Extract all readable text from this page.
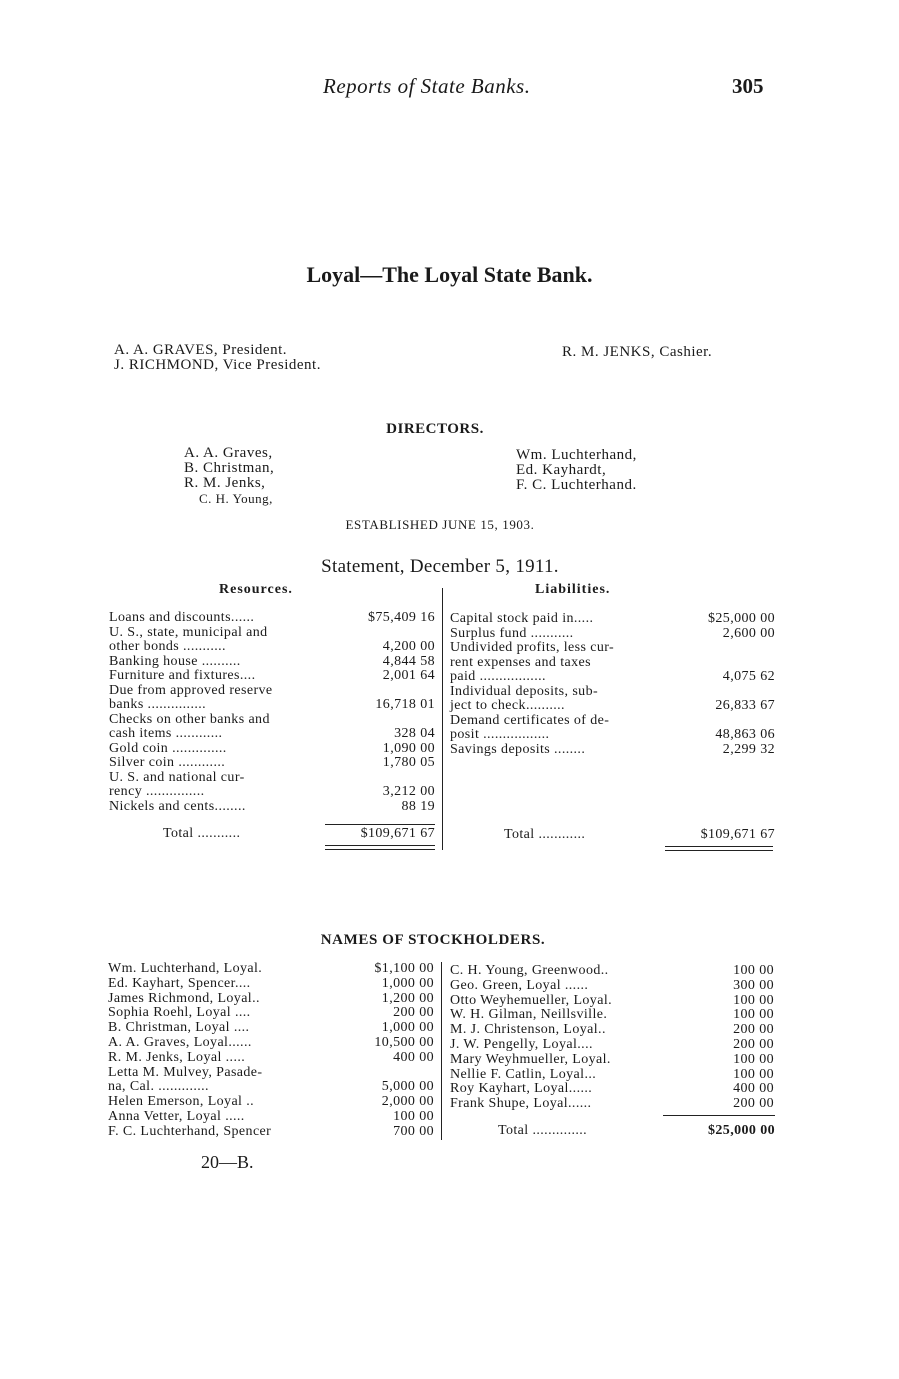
Reports of State Banks.	305
Loyal—The Loyal State Bank.
A. A. GRAVES, President.
J. RICHMOND, Vice President.
R. M. JENKS, Cashier.
DIRECTORS.
A. A. Graves,
B. Christman,
R. M. Jenks,
C. H. Young,
Wm. Luchterhand,
Ed. Kayhardt,
F. C. Luchterhand.
ESTABLISHED JUNE 15, 1903.
Statement, December 5, 1911.
Resources.	Liabilities.
Loans and discounts......	$75,409 16
U. S., state, municipal and
other bonds ...........	4,200 00
Banking house ..........	4,844 58
Furniture and fixtures....	2,001 64
Due from approved reserve
banks ...............	16,718 01
Checks on other banks and
cash items ............	328 04
Gold coin ..............	1,090 00
Silver coin ............	1,780 05
U. S. and national cur-
rency ...............	3,212 00
Nickels and cents........	88 19
Total ...........	$109,671 67
Capital stock paid in.....	$25,000 00
Surplus fund ...........	2,600 00
Undivided profits, less cur-
rent expenses and taxes
paid .................	4,075 62
Individual deposits, sub-
ject to check..........	26,833 67
Demand certificates of de-
posit .................	48,863 06
Savings deposits ........	2,299 32
Total ............	$109,671 67
NAMES OF STOCKHOLDERS.
Wm. Luchterhand, Loyal.	$1,100 00
Ed. Kayhart, Spencer....	1,000 00
James Richmond, Loyal..	1,200 00
Sophia Roehl, Loyal ....	200 00
B. Christman, Loyal ....	1,000 00
A. A. Graves, Loyal......	10,500 00
R. M. Jenks, Loyal .....	400 00
Letta M. Mulvey, Pasade-
na, Cal. .............	5,000 00
Helen Emerson, Loyal ..	2,000 00
Anna Vetter, Loyal .....	100 00
F. C. Luchterhand, Spencer	700 00
C. H. Young, Greenwood..	100 00
Geo. Green, Loyal ......	300 00
Otto Weyhemueller, Loyal.	100 00
W. H. Gilman, Neillsville.	100 00
M. J. Christenson, Loyal..	200 00
J. W. Pengelly, Loyal....	200 00
Mary Weyhmueller, Loyal.	100 00
Nellie F. Catlin, Loyal...	100 00
Roy Kayhart, Loyal......	400 00
Frank Shupe, Loyal......	200 00
Total ..............	$25,000 00
20—B.
